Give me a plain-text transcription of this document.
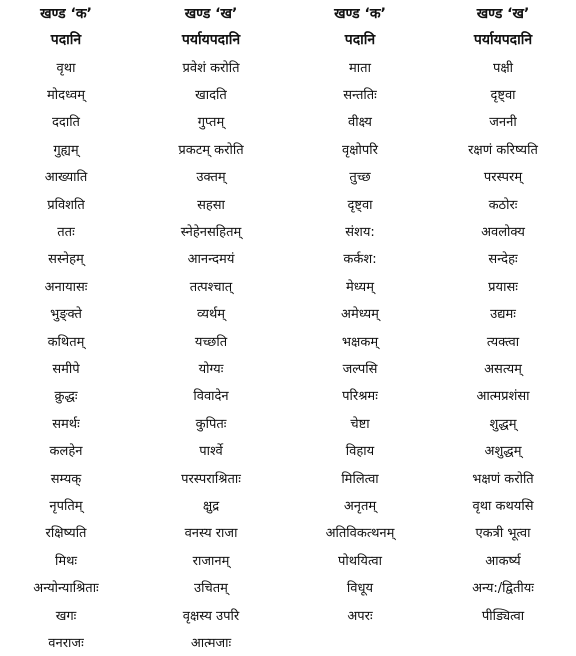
खण्ड ‘क’	खण्ड ‘ख’	खण्ड ‘क’	खण्ड ‘ख’
पदानि	पर्यायपदानि	पदानि	पर्यायपदानि
वृथा	प्रवेशं करोति	माता	पक्षी
मोदध्वम्	खादति	सन्ततिः	दृष्ट्वा
ददाति	गुप्तम्	वीक्ष्य	जननी
गुह्यम्	प्रकटम् करोति	वृक्षोपरि	रक्षणं करिष्यति
आख्याति	उक्तम्	तुच्छ	परस्परम्
प्रविशति	सहसा	दृष्ट्वा	कठोरः
ततः	स्नेहेनसहितम्	संशय:	अवलोक्य
सस्नेहम्	आनन्दमयं	कर्कश:	सन्देहः
अनायासः	तत्पश्चात्	मेध्यम्	प्रयासः
भुङ्क्ते	व्यर्थम्	अमेध्यम्	उद्यमः
कथितम्	यच्छति	भक्षकम्	त्यक्त्वा
समीपे	योग्यः	जल्पसि	असत्यम्
क्रुद्धः	विवादेन	परिश्रमः	आत्मप्रशंसा
समर्थः	कुपितः	चेष्टा	शुद्धम्
कलहेन	पार्श्वे	विहाय	अशुद्धम्
सम्यक्	परस्पराश्रिताः	मिलित्वा	भक्षणं करोति
नृपतिम्	क्षुद्र	अनृतम्	वृथा कथयसि
रक्षिष्यति	वनस्य राजा	अतिविकत्थनम्	एकत्री भूत्वा
मिथः	राजानम्	पोथयित्वा	आकर्ष्य
अन्योन्याश्रिताः	उचितम्	विधूय	अन्य:/द्वितीयः
खगः	वृक्षस्य उपरि	अपरः	पीड्यित्वा
वनराजः	आत्मजाः		
